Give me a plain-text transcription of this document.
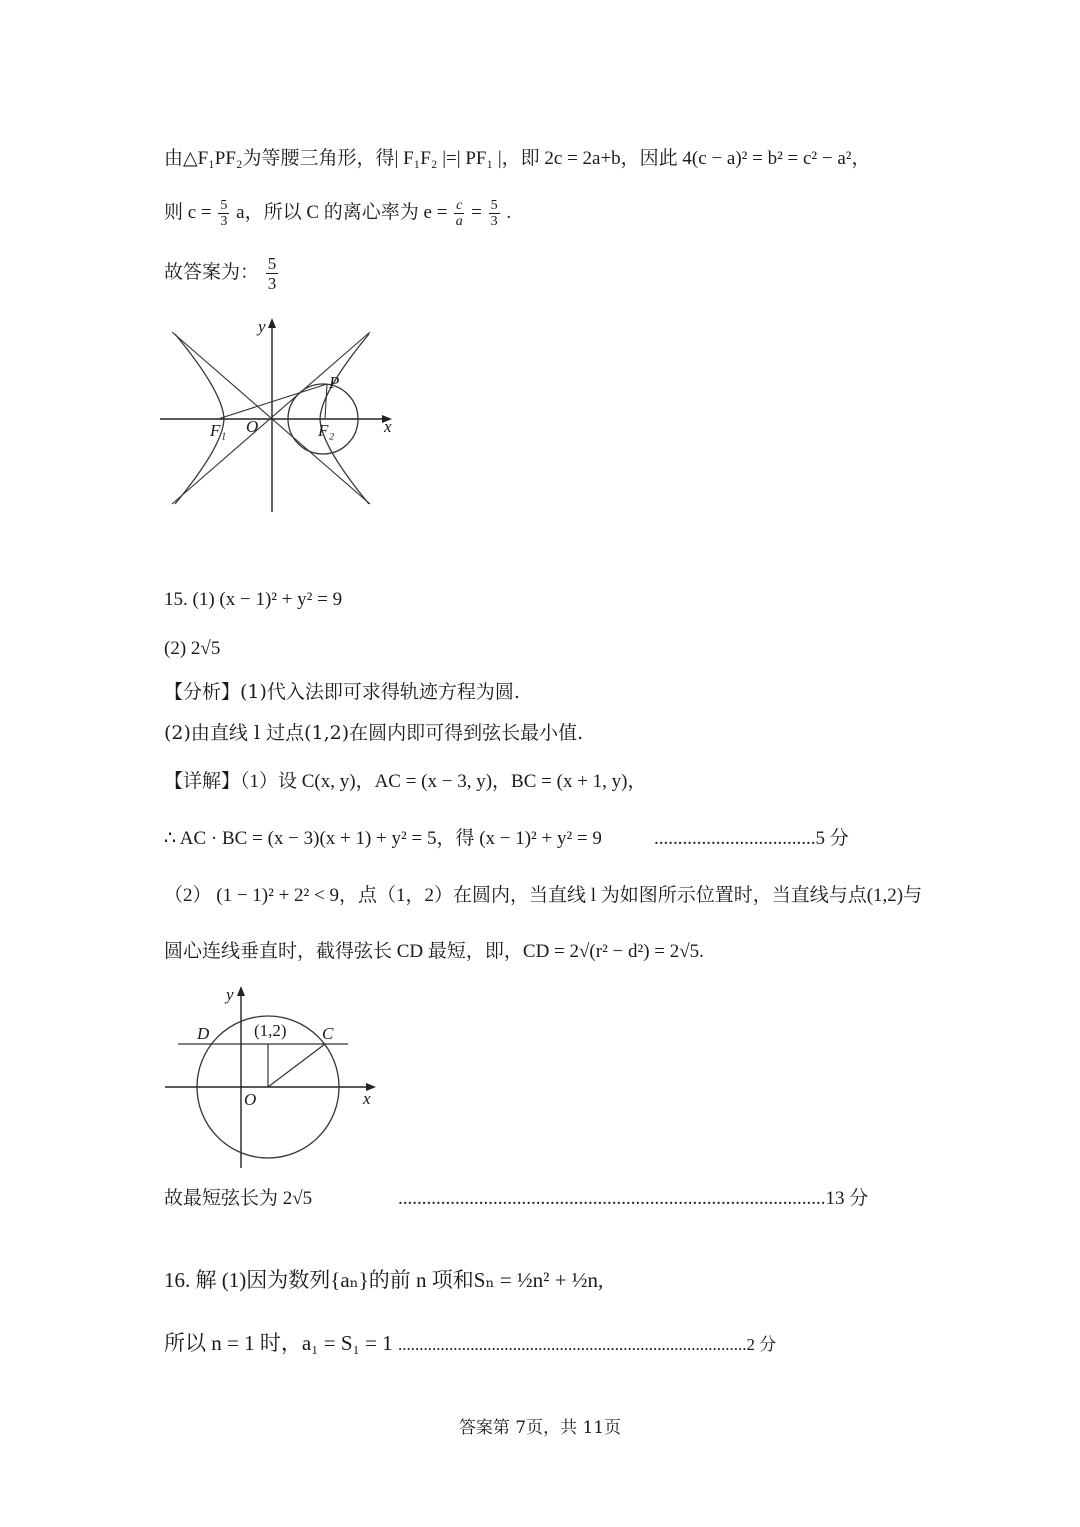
由△F₁PF₂为等腰三角形，得| F₁F₂ |=| PF₁ |，即 2c = 2a+b，因此 4(c − a)² = b² = c² − a²，
则 $c = \frac{5}{3}$ a，所以 C 的离心率为 $e = \frac{c}{a} = \frac{5}{3}$ .
故答案为： $\frac{5}{3}$
y
x
P
F₁ O	F₂
15. (1) (x − 1)² + y² = 9
(2) 2√5
【分析】(1)代入法即可求得轨迹方程为圆.
(2)由直线 l 过点(1,2)在圆内即可得到弦长最小值.
【详解】（1）设 C(x, y)，AC = (x − 3, y)，BC = (x + 1, y)，
∴ AC · BC = (x − 3)(x + 1) + y² = 5，得 (x − 1)² + y² = 9	..................................5 分
（2） (1 − 1)² + 2² < 9，点（1，2）在圆内，当直线 l 为如图所示位置时，当直线与点(1,2)与
圆心连线垂直时，截得弦长 CD 最短，即，CD = 2√(r² − d²) = 2√5.
y
x
D	C
(1,2)
O
故最短弦长为 2√5	..........................................................................................13 分
16. 解 (1)因为数列{aₙ}的前 n 项和Sₙ = ½n² + ½n,
所以 n = 1 时，a₁ = S₁ = 1 ..................................................................................2 分
答案第 7页，共 11页
